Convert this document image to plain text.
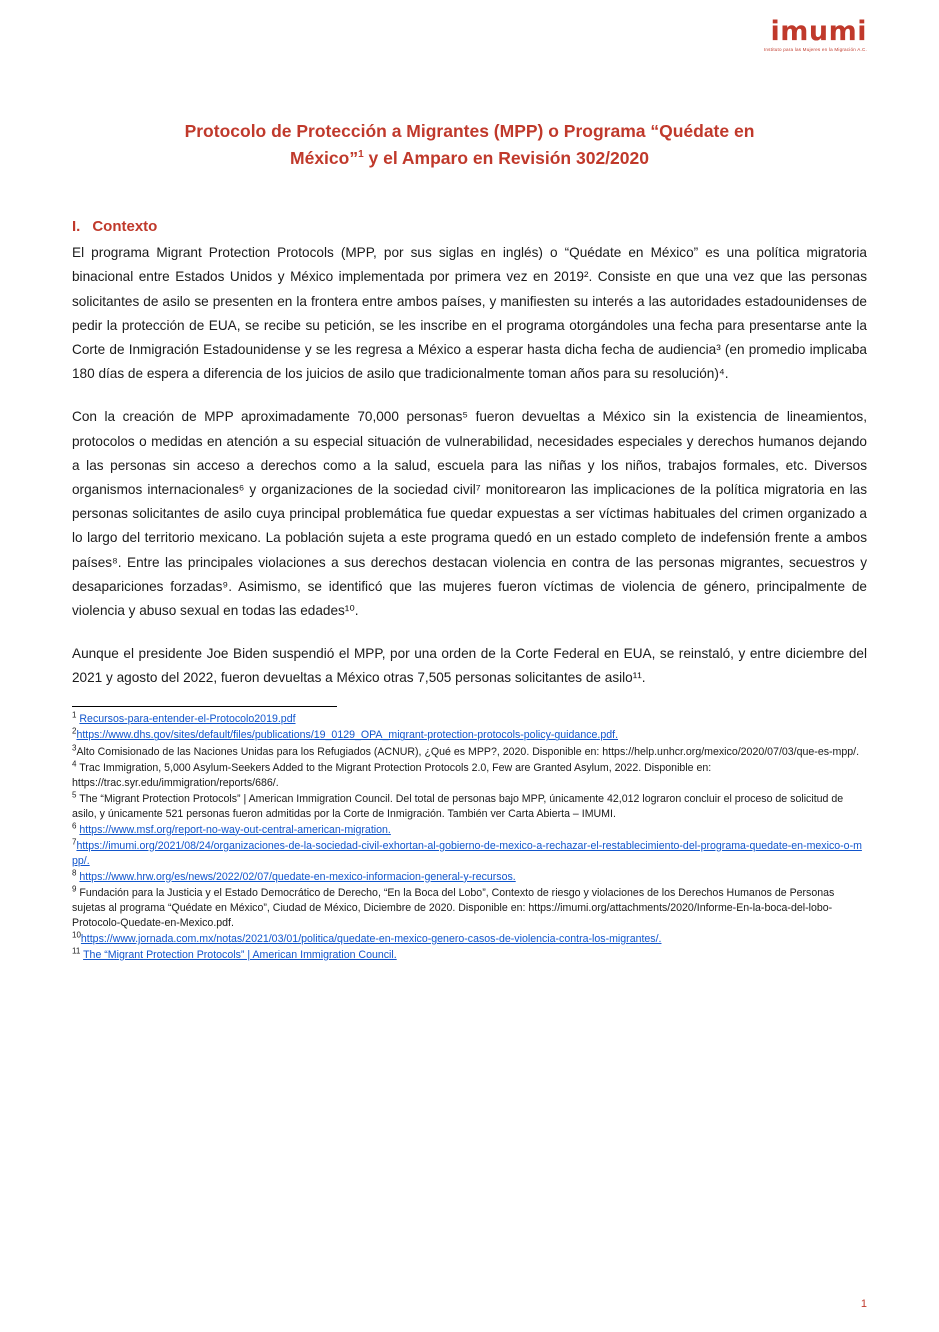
imumi
Instituto para las Mujeres en la Migración A.C.
Protocolo de Protección a Migrantes (MPP) o Programa “Quédate en
México”$^1$ y el Amparo en Revisión 302/2020
I. Contexto

El programa Migrant Protection Protocols (MPP, por sus siglas en inglés) o “Quédate en México” es una política migratoria binacional entre Estados Unidos y México implementada por primera vez en 2019². Consiste en que una vez que las personas solicitantes de asilo se presenten en la frontera entre ambos países, y manifiesten su interés a las autoridades estadounidenses de pedir la protección de EUA, se recibe su petición, se les inscribe en el programa otorgándoles una fecha para presentarse ante la Corte de Inmigración Estadounidense y se les regresa a México a esperar hasta dicha fecha de audiencia³ (en promedio implicaba 180 días de espera a diferencia de los juicios de asilo que tradicionalmente toman años para su resolución)⁴.

Con la creación de MPP aproximadamente 70,000 personas⁵ fueron devueltas a México sin la existencia de lineamientos, protocolos o medidas en atención a su especial situación de vulnerabilidad, necesidades especiales y derechos humanos dejando a las personas sin acceso a derechos como a la salud, escuela para las niñas y los niños, trabajos formales, etc. Diversos organismos internacionales⁶ y organizaciones de la sociedad civil⁷ monitorearon las implicaciones de la política migratoria en las personas solicitantes de asilo cuya principal problemática fue quedar expuestas a ser víctimas habituales del crimen organizado a lo largo del territorio mexicano. La población sujeta a este programa quedó en un estado completo de indefensión frente a ambos países⁸. Entre las principales violaciones a sus derechos destacan violencia en contra de las personas migrantes, secuestros y desapariciones forzadas⁹. Asimismo, se identificó que las mujeres fueron víctimas de violencia de género, principalmente de violencia y abuso sexual en todas las edades¹⁰.

Aunque el presidente Joe Biden suspendió el MPP, por una orden de la Corte Federal en EUA, se reinstaló, y entre diciembre del 2021 y agosto del 2022, fueron devueltas a México otras 7,505 personas solicitantes de asilo¹¹.

$^1$ Recursos-para-entender-el-Protocolo2019.pdf

$^2$https://www.dhs.gov/sites/default/files/publications/19_0129_OPA_migrant-protection-protocols-policy-guidance.pdf.

$^3$Alto Comisionado de las Naciones Unidas para los Refugiados (ACNUR), ¿Qué es MPP?, 2020. Disponible en: https://help.unhcr.org/mexico/2020/07/03/que-es-mpp/.

$^4$ Trac Immigration, 5,000 Asylum-Seekers Added to the Migrant Protection Protocols 2.0, Few are Granted Asylum, 2022. Disponible en: https://trac.syr.edu/immigration/reports/686/.

$^5$ The “Migrant Protection Protocols” | American Immigration Council. Del total de personas bajo MPP, únicamente 42,012 lograron concluir el proceso de solicitud de asilo, y únicamente 521 personas fueron admitidas por la Corte de Inmigración. También ver Carta Abierta – IMUMI.

$^6$ https://www.msf.org/report-no-way-out-central-american-migration.

$^7$https://imumi.org/2021/08/24/organizaciones-de-la-sociedad-civil-exhortan-al-gobierno-de-mexico-a-rechazar-el-restablecimiento-del-programa-quedate-en-mexico-o-mpp/.

$^8$ https://www.hrw.org/es/news/2022/02/07/quedate-en-mexico-informacion-general-y-recursos.

$^9$ Fundación para la Justicia y el Estado Democrático de Derecho, “En la Boca del Lobo”, Contexto de riesgo y violaciones de los Derechos Humanos de Personas sujetas al programa “Quédate en México”, Ciudad de México, Diciembre de 2020. Disponible en: https://imumi.org/attachments/2020/Informe-En-la-boca-del-lobo-Protocolo-Quedate-en-Mexico.pdf.

$^{10}$https://www.jornada.com.mx/notas/2021/03/01/politica/quedate-en-mexico-genero-casos-de-violencia-contra-los-migrantes/.

$^{11}$ The “Migrant Protection Protocols” | American Immigration Council.

1
